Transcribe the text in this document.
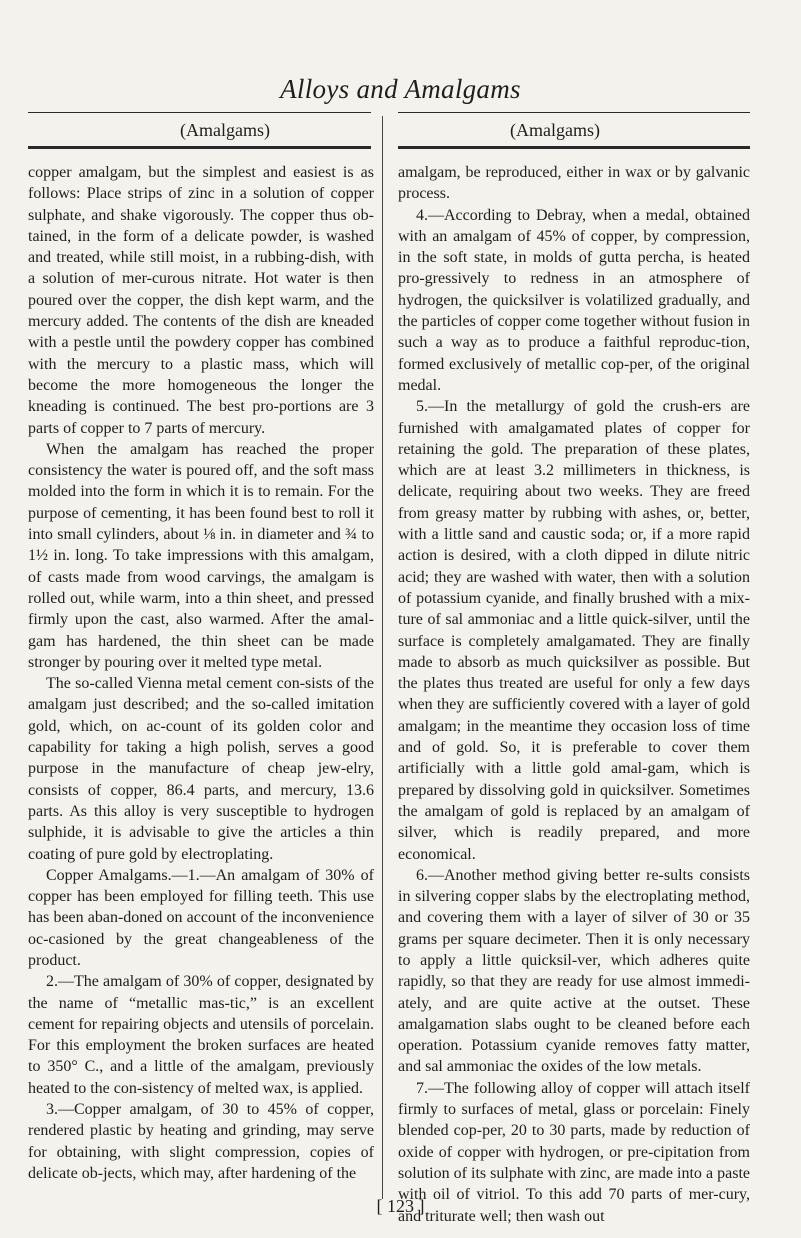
Alloys and Amalgams
(Amalgams)	(Amalgams)

copper amalgam, but the simplest and easiest is as follows: Place strips of zinc in a solution of copper sulphate, and shake vigorously. The copper thus ob-tained, in the form of a delicate powder, is washed and treated, while still moist, in a rubbing-dish, with a solution of mer-curous nitrate. Hot water is then poured over the copper, the dish kept warm, and the mercury added. The contents of the dish are kneaded with a pestle until the powdery copper has combined with the mercury to a plastic mass, which will become the more homogeneous the longer the kneading is continued. The best pro-portions are 3 parts of copper to 7 parts of mercury.

When the amalgam has reached the proper consistency the water is poured off, and the soft mass molded into the form in which it is to remain. For the purpose of cementing, it has been found best to roll it into small cylinders, about ⅛ in. in diameter and ¾ to 1½ in. long. To take impressions with this amalgam, of casts made from wood carvings, the amalgam is rolled out, while warm, into a thin sheet, and pressed firmly upon the cast, also warmed. After the amal-gam has hardened, the thin sheet can be made stronger by pouring over it melted type metal.

The so-called Vienna metal cement con-sists of the amalgam just described; and the so-called imitation gold, which, on ac-count of its golden color and capability for taking a high polish, serves a good purpose in the manufacture of cheap jew-elry, consists of copper, 86.4 parts, and mercury, 13.6 parts. As this alloy is very susceptible to hydrogen sulphide, it is advisable to give the articles a thin coating of pure gold by electroplating.

Copper Amalgams.—1.—An amalgam of 30% of copper has been employed for filling teeth. This use has been aban-doned on account of the inconvenience oc-casioned by the great changeableness of the product.

2.—The amalgam of 30% of copper, designated by the name of “metallic mas-tic,” is an excellent cement for repairing objects and utensils of porcelain. For this employment the broken surfaces are heated to 350° C., and a little of the amalgam, previously heated to the con-sistency of melted wax, is applied.

3.—Copper amalgam, of 30 to 45% of copper, rendered plastic by heating and grinding, may serve for obtaining, with slight compression, copies of delicate ob-jects, which may, after hardening of the

amalgam, be reproduced, either in wax or by galvanic process.

4.—According to Debray, when a medal, obtained with an amalgam of 45% of copper, by compression, in the soft state, in molds of gutta percha, is heated pro-gressively to redness in an atmosphere of hydrogen, the quicksilver is volatilized gradually, and the particles of copper come together without fusion in such a way as to produce a faithful reproduc-tion, formed exclusively of metallic cop-per, of the original medal.

5.—In the metallurgy of gold the crush-ers are furnished with amalgamated plates of copper for retaining the gold. The preparation of these plates, which are at least 3.2 millimeters in thickness, is delicate, requiring about two weeks. They are freed from greasy matter by rubbing with ashes, or, better, with a little sand and caustic soda; or, if a more rapid action is desired, with a cloth dipped in dilute nitric acid; they are washed with water, then with a solution of potassium cyanide, and finally brushed with a mix-ture of sal ammoniac and a little quick-silver, until the surface is completely amalgamated. They are finally made to absorb as much quicksilver as possible. But the plates thus treated are useful for only a few days when they are sufficiently covered with a layer of gold amalgam; in the meantime they occasion loss of time and of gold. So, it is preferable to cover them artificially with a little gold amal-gam, which is prepared by dissolving gold in quicksilver. Sometimes the amalgam of gold is replaced by an amalgam of silver, which is readily prepared, and more economical.

6.—Another method giving better re-sults consists in silvering copper slabs by the electroplating method, and covering them with a layer of silver of 30 or 35 grams per square decimeter. Then it is only necessary to apply a little quicksil-ver, which adheres quite rapidly, so that they are ready for use almost immedi-ately, and are quite active at the outset. These amalgamation slabs ought to be cleaned before each operation. Potassium cyanide removes fatty matter, and sal ammoniac the oxides of the low metals.

7.—The following alloy of copper will attach itself firmly to surfaces of metal, glass or porcelain: Finely blended cop-per, 20 to 30 parts, made by reduction of oxide of copper with hydrogen, or pre-cipitation from solution of its sulphate with zinc, are made into a paste with oil of vitriol. To this add 70 parts of mer-cury, and triturate well; then wash out

[ 123 ]
